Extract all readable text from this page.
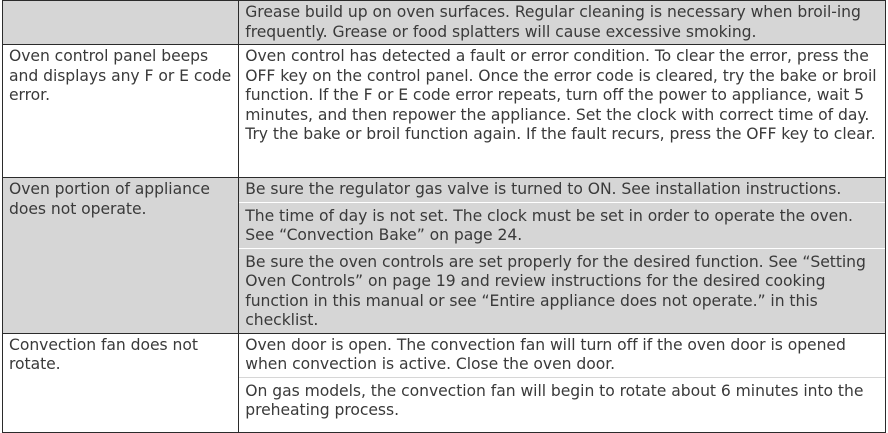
	Grease build up on oven surfaces. Regular cleaning is necessary when broil-ing frequently. Grease or food splatters will cause excessive smoking.

Oven control panel beeps and displays any F or E code error.	Oven control has detected a fault or error condition. To clear the error, press the OFF key on the control panel. Once the error code is cleared, try the bake or broil function. If the F or E code error repeats, turn off the power to appliance, wait 5 minutes, and then repower the appliance. Set the clock with correct time of day. Try the bake or broil function again. If the fault recurs, press the OFF key to clear.

Oven portion of appliance does not operate.	Be sure the regulator gas valve is turned to ON. See installation instructions.
The time of day is not set. The clock must be set in order to operate the oven. See “Convection Bake” on page 24.
Be sure the oven controls are set properly for the desired function. See “Setting Oven Controls” on page 19 and review instructions for the desired cooking function in this manual or see “Entire appliance does not operate.” in this checklist.

Convection fan does not rotate.	Oven door is open. The convection fan will turn off if the oven door is opened when convection is active. Close the oven door.
On gas models, the convection fan will begin to rotate about 6 minutes into the preheating process.
